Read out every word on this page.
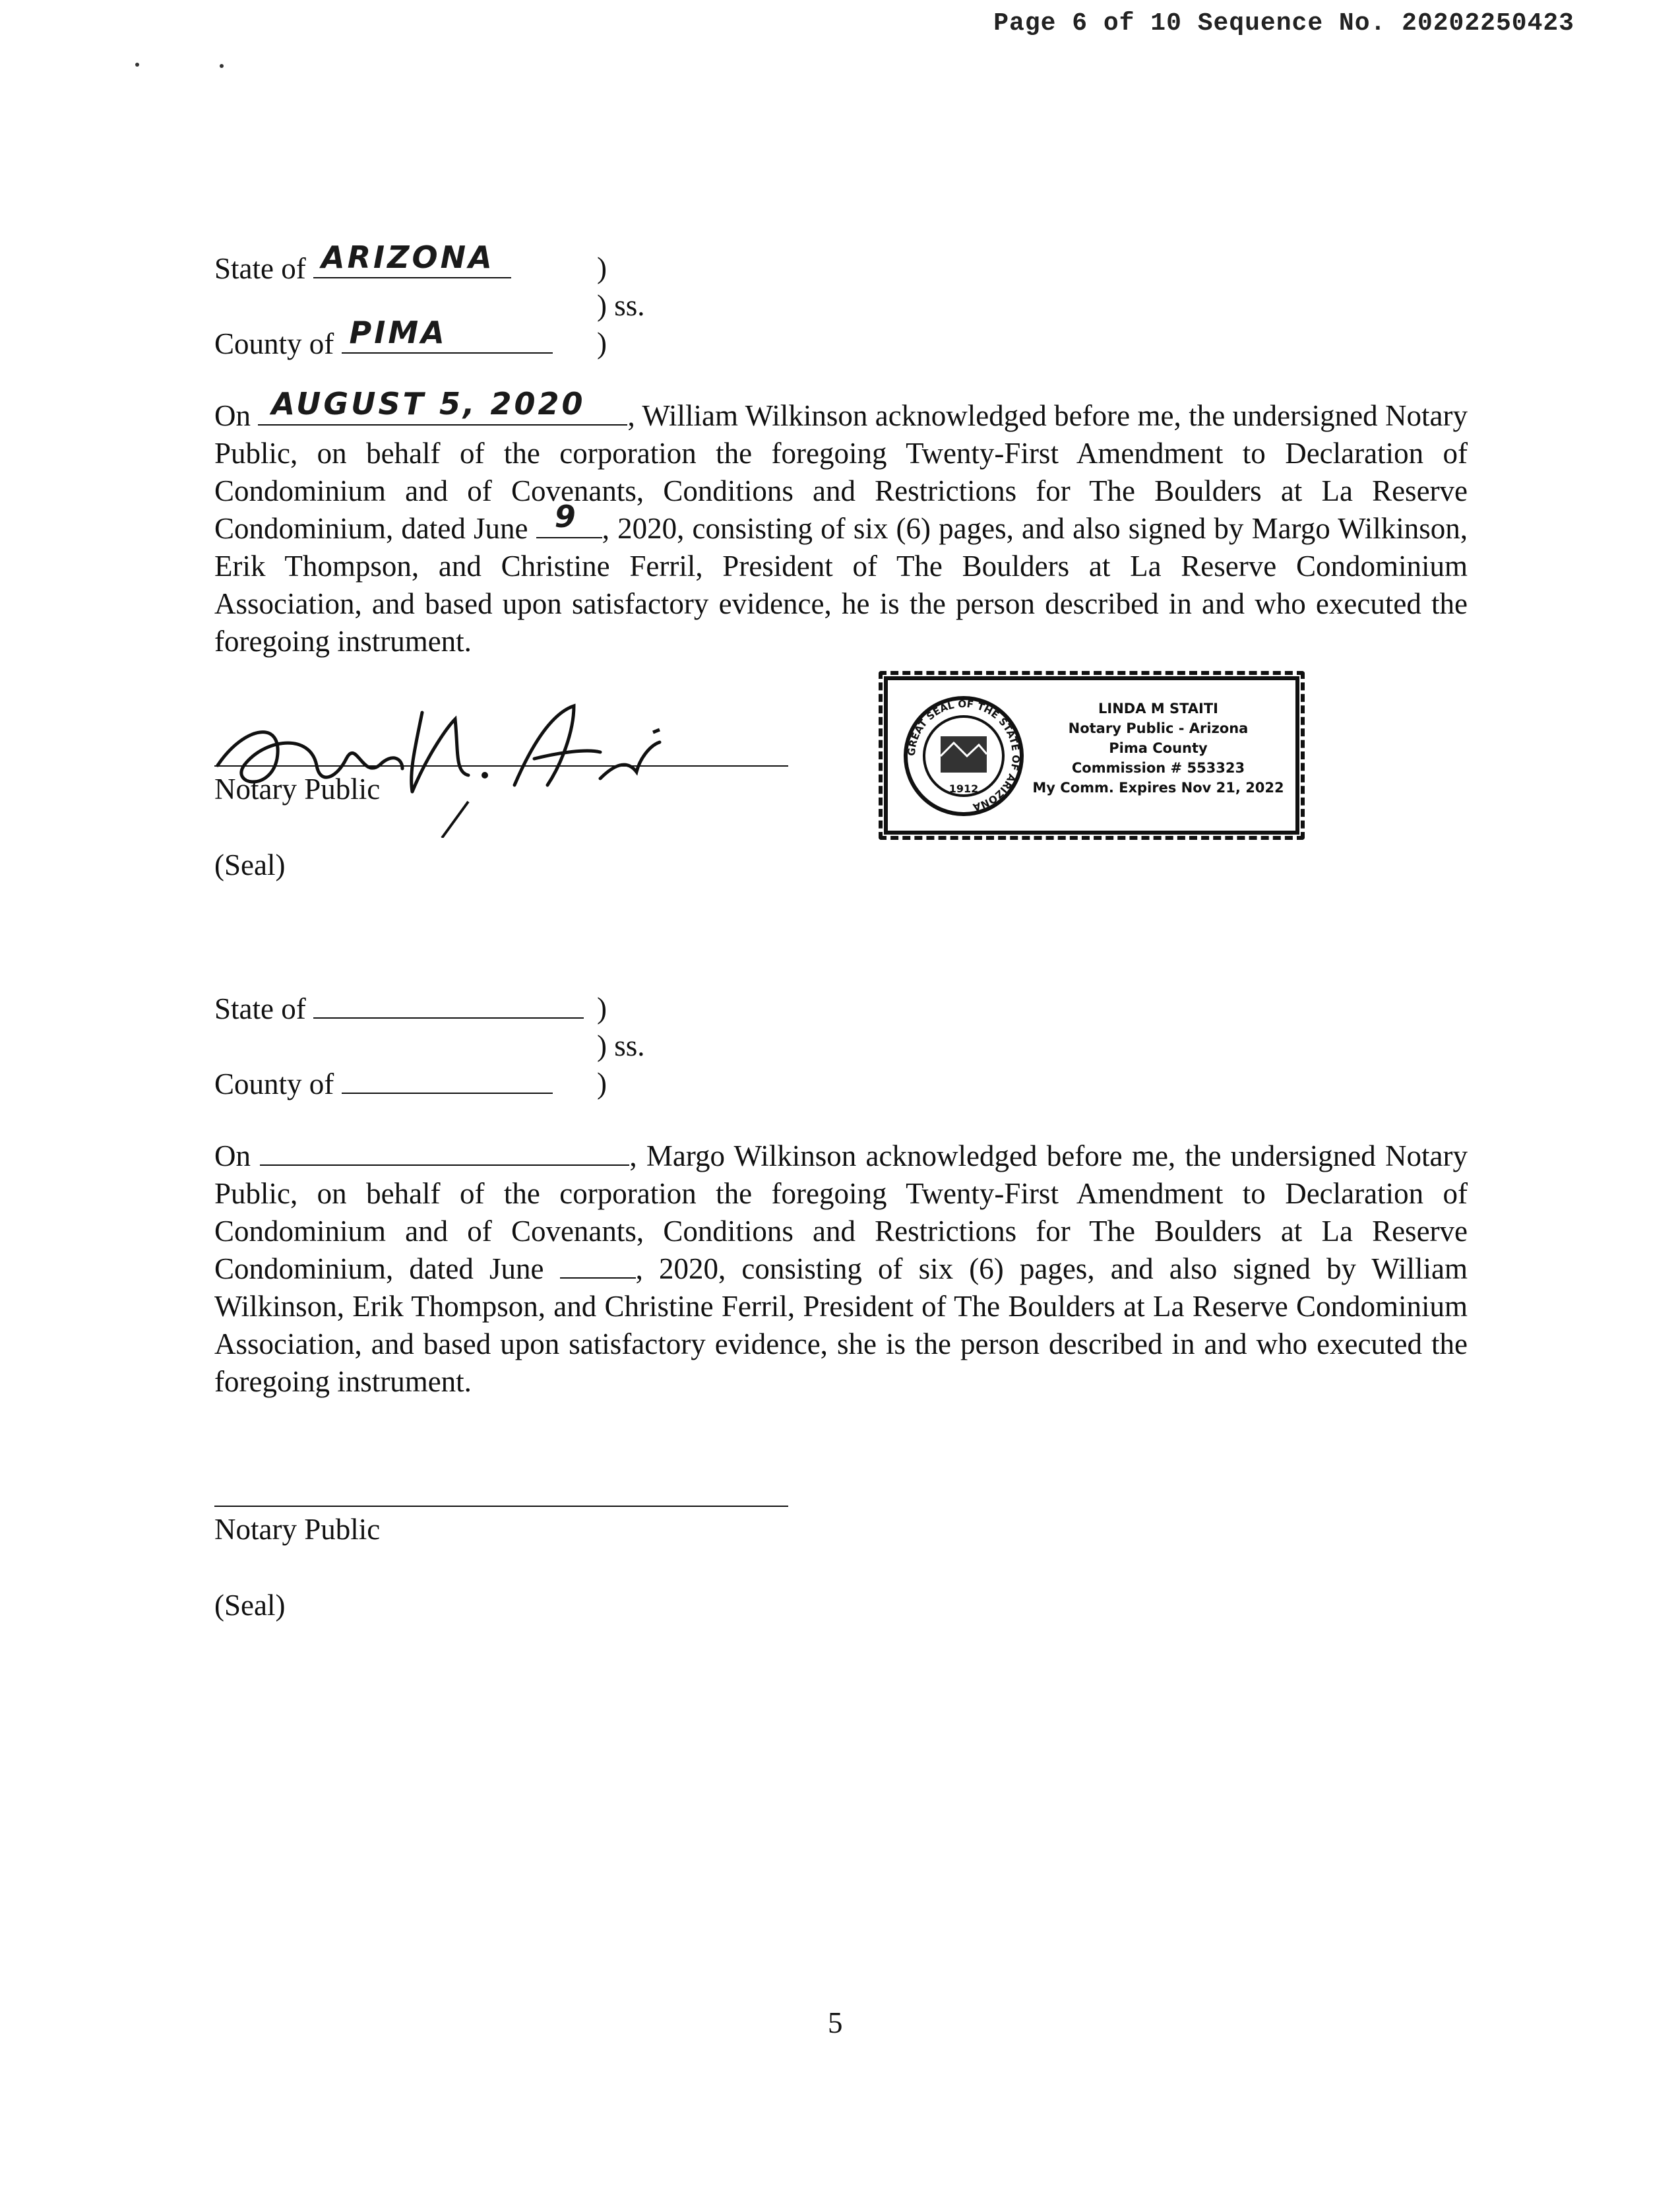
Page 6 of 10 Sequence No. 20202250423
State of ARIZONA	)
) ss.
County of PIMA	)
On AUGUST 5, 2020 , William Wilkinson acknowledged before me, the undersigned Notary Public, on behalf of the corporation the foregoing Twenty-First Amendment to Declaration of Condominium and of Covenants, Conditions and Restrictions for The Boulders at La Reserve Condominium, dated June 9 , 2020, consisting of six (6) pages, and also signed by Margo Wilkinson, Erik Thompson, and Christine Ferril, President of The Boulders at La Reserve Condominium Association, and based upon satisfactory evidence, he is the person described in and who executed the foregoing instrument.
Notary Public
(Seal)
GREAT SEAL OF THE STATE OF ARIZONA
1912
LINDA M STAITI
Notary Public - Arizona
Pima County
Commission # 553323
My Comm. Expires Nov 21, 2022
State of	)
) ss.
County of	)
On	, Margo Wilkinson acknowledged before me, the undersigned Notary Public, on behalf of the corporation the foregoing Twenty-First Amendment to Declaration of Condominium and of Covenants, Conditions and Restrictions for The Boulders at La Reserve Condominium, dated June	, 2020, consisting of six (6) pages, and also signed by William Wilkinson, Erik Thompson, and Christine Ferril, President of The Boulders at La Reserve Condominium Association, and based upon satisfactory evidence, she is the person described in and who executed the foregoing instrument.
Notary Public
(Seal)
5
